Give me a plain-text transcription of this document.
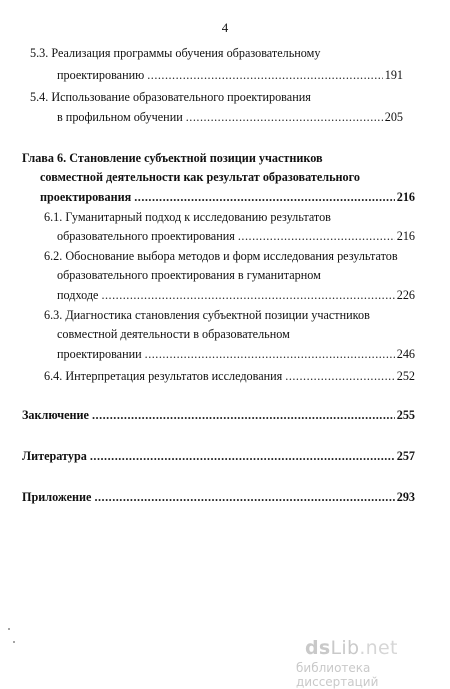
4
5.3. Реализация программы обучения образовательному
проектированию .....	191
5.4. Использование образовательного проектирования
в профильном обучении .....	205
Глава 6. Становление субъектной позиции участников
совместной деятельности как результат образовательного
проектирования .....	216
6.1. Гуманитарный подход к исследованию результатов
образовательного проектирования .....	216
6.2. Обоснование выбора методов и форм исследования результатов
образовательного проектирования в гуманитарном
подходе .....	226
6.3. Диагностика становления субъектной позиции участников
совместной деятельности в образовательном
проектировании .....	246
6.4. Интерпретация результатов исследования .....	252
Заключение .....	255
Литература .....	257
Приложение .....	293
dsLib.net
библиотека диссертаций
